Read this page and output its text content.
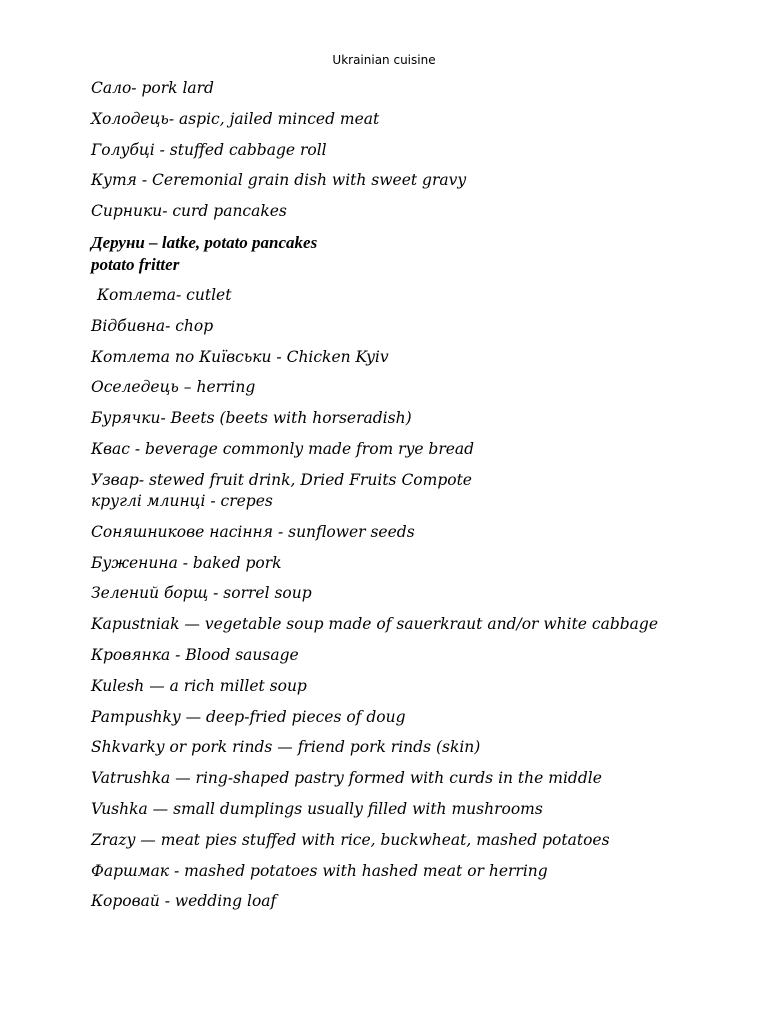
Ukrainian cuisine
Сало- pork lard
Холодець- aspic, jailed minced meat
Голубці - stuffed cabbage roll
Кутя - Ceremonial grain dish with sweet gravy
Сирники- curd pancakes
Деруни – latke, potato pancakes
potato fritter
Котлета- cutlet
Відбивна- chop
Котлета по Київськи - Chicken Kyiv
Оселедець – herring
Бурячки- Beets (beets with horseradish)
Квас - beverage commonly made from rye bread
Узвар- stewed fruit drink, Dried Fruits Compote
круглі млинці - crepes
Соняшникове насіння - sunflower seeds
Буженина - baked pork
Зелений борщ - sorrel soup
Kapustniak — vegetable soup made of sauerkraut and/or white cabbage
Кровянка - Blood sausage
Kulesh — a rich millet soup
Pampushky — deep-fried pieces of doug
Shkvarky or pork rinds — friend pork rinds (skin)
Vatrushka — ring-shaped pastry formed with curds in the middle
Vushka — small dumplings usually filled with mushrooms
Zrazy — meat pies stuffed with rice, buckwheat, mashed potatoes
Фаршмак - mashed potatoes with hashed meat or herring
Коровай - wedding loaf
